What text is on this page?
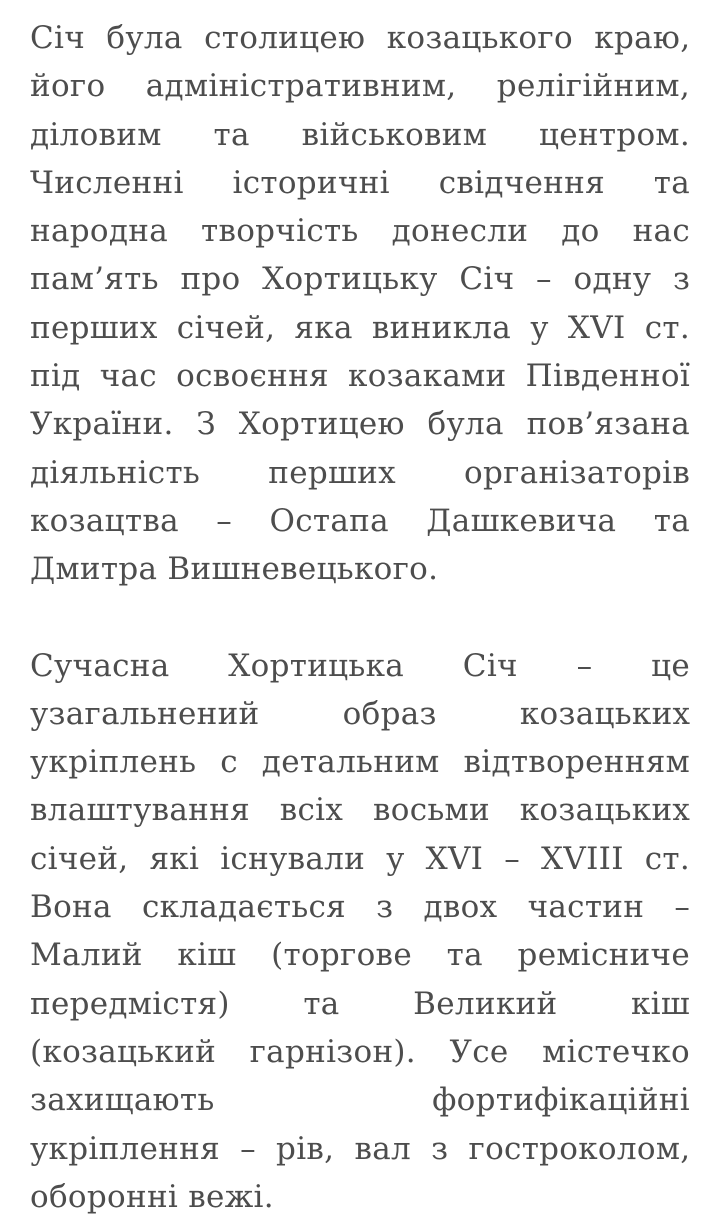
Січ була столицею козацького краю,
його адміністративним, релігійним,
діловим та військовим центром.
Численні історичні свідчення та
народна творчість донесли до нас
пам’ять про Хортицьку Січ – одну з
перших січей, яка виникла у XVI ст.
під час освоєння козаками Південної
України. З Хортицею була пов’язана
діяльність перших організаторів
козацтва – Остапа Дашкевича та
Дмитра Вишневецького.

Сучасна Хортицька Січ – це
узагальнений образ козацьких
укріплень с детальним відтворенням
влаштування всіх восьми козацьких
січей, які існували у XVI – XVIII ст.
Вона складається з двох частин –
Малий кіш (торгове та ремісниче
передмістя) та Великий кіш
(козацький гарнізон). Усе містечко
захищають фортифікаційні
укріплення – рів, вал з гостроколом,
оборонні вежі.
